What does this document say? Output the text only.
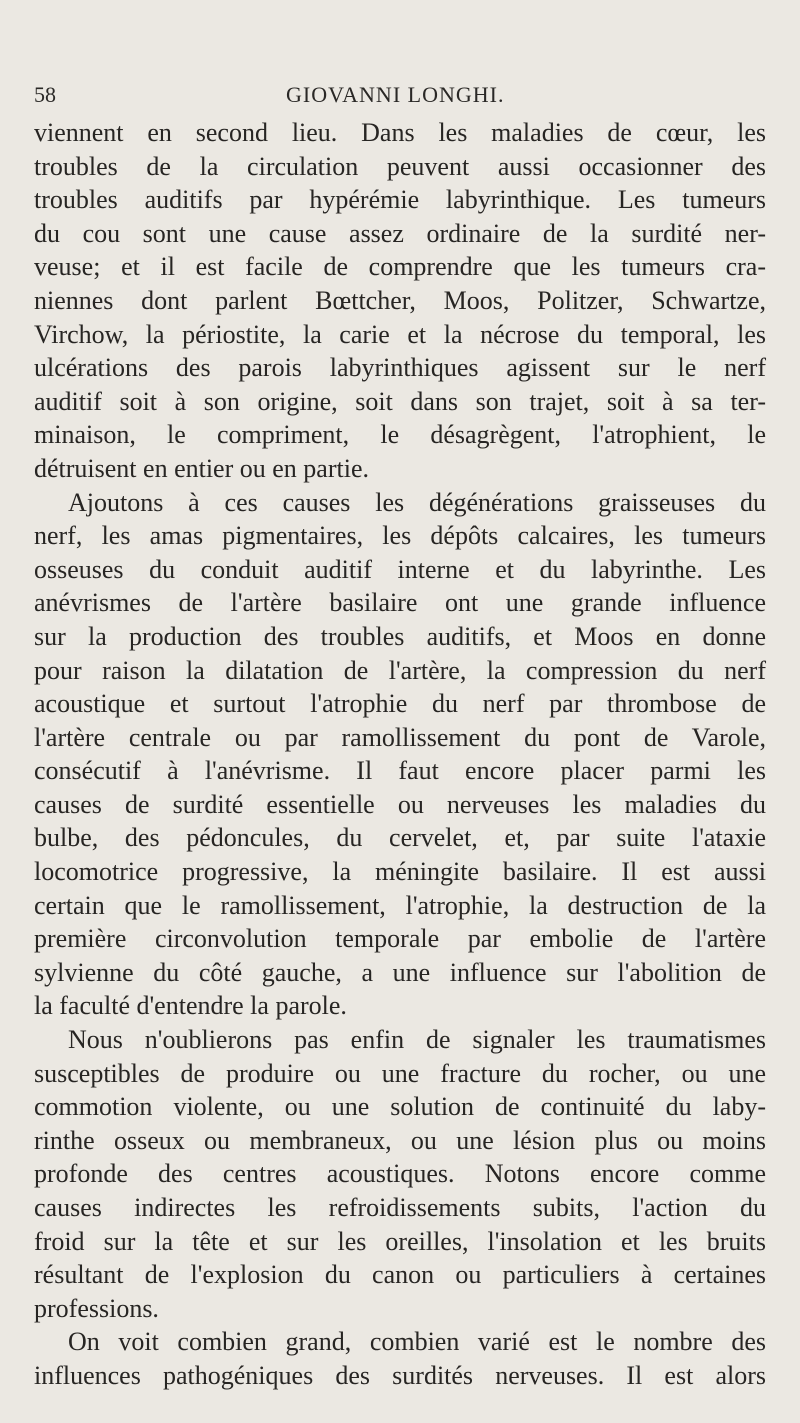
58	GIOVANNI LONGHI.

viennent en second lieu. Dans les maladies de cœur, les
troubles de la circulation peuvent aussi occasionner des
troubles auditifs par hypérémie labyrinthique. Les tumeurs
du cou sont une cause assez ordinaire de la surdité ner-
veuse; et il est facile de comprendre que les tumeurs cra-
niennes dont parlent Bœttcher, Moos, Politzer, Schwartze,
Virchow, la périostite, la carie et la nécrose du temporal, les
ulcérations des parois labyrinthiques agissent sur le nerf
auditif soit à son origine, soit dans son trajet, soit à sa ter-
minaison, le compriment, le désagrègent, l'atrophient, le
détruisent en entier ou en partie.

Ajoutons à ces causes les dégénérations graisseuses du
nerf, les amas pigmentaires, les dépôts calcaires, les tumeurs
osseuses du conduit auditif interne et du labyrinthe. Les
anévrismes de l'artère basilaire ont une grande influence
sur la production des troubles auditifs, et Moos en donne
pour raison la dilatation de l'artère, la compression du nerf
acoustique et surtout l'atrophie du nerf par thrombose de
l'artère centrale ou par ramollissement du pont de Varole,
consécutif à l'anévrisme. Il faut encore placer parmi les
causes de surdité essentielle ou nerveuses les maladies du
bulbe, des pédoncules, du cervelet, et, par suite l'ataxie
locomotrice progressive, la méningite basilaire. Il est aussi
certain que le ramollissement, l'atrophie, la destruction de la
première circonvolution temporale par embolie de l'artère
sylvienne du côté gauche, a une influence sur l'abolition de
la faculté d'entendre la parole.

Nous n'oublierons pas enfin de signaler les traumatismes
susceptibles de produire ou une fracture du rocher, ou une
commotion violente, ou une solution de continuité du laby-
rinthe osseux ou membraneux, ou une lésion plus ou moins
profonde des centres acoustiques. Notons encore comme
causes indirectes les refroidissements subits, l'action du
froid sur la tête et sur les oreilles, l'insolation et les bruits
résultant de l'explosion du canon ou particuliers à certaines
professions.

On voit combien grand, combien varié est le nombre des
influences pathogéniques des surdités nerveuses. Il est alors
